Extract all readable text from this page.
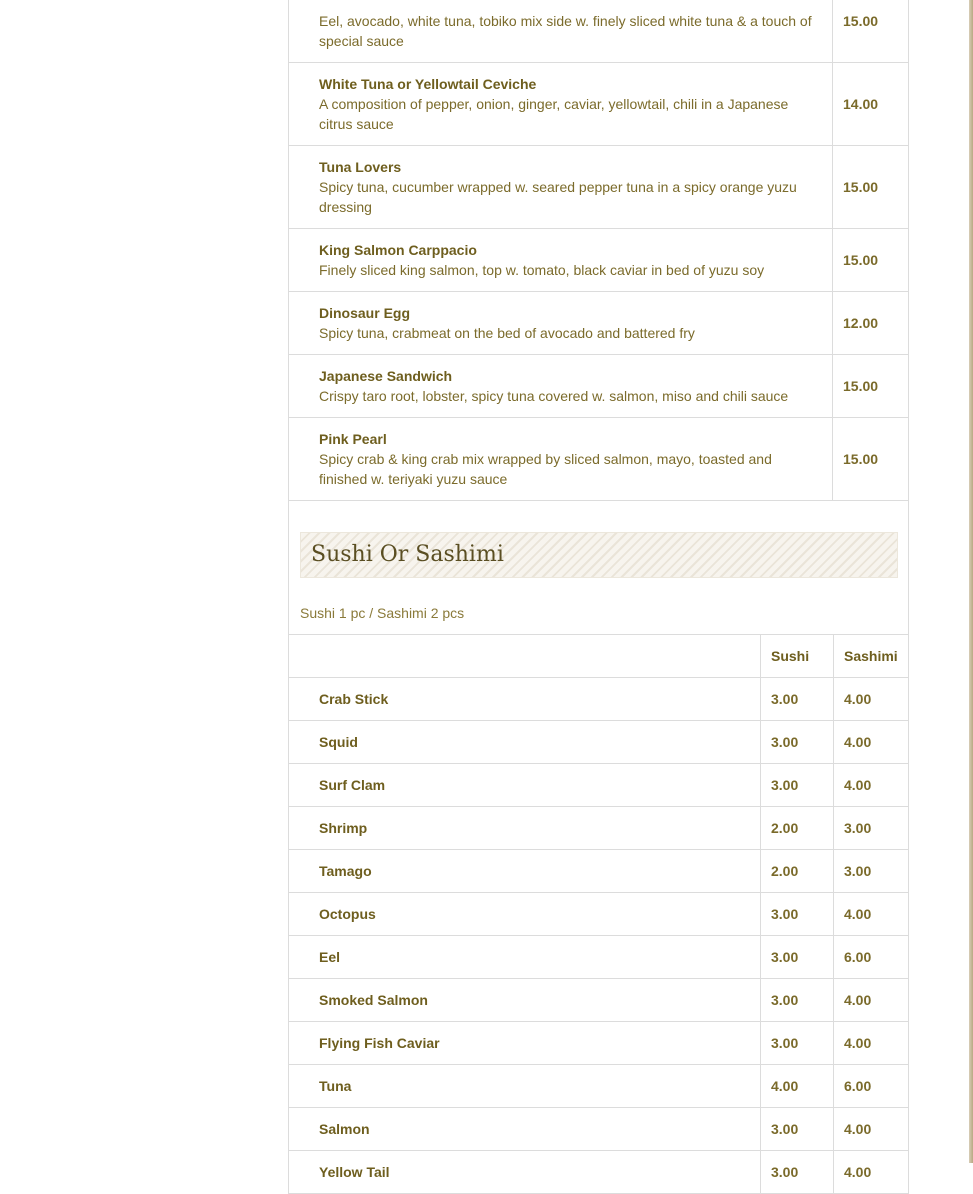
Eel, avocado, white tuna, tobiko mix side w. finely sliced white tuna & a touch of special sauce	15.00

White Tuna or Yellowtail Ceviche
A composition of pepper, onion, ginger, caviar, yellowtail, chili in a Japanese citrus sauce	14.00

Tuna Lovers
Spicy tuna, cucumber wrapped w. seared pepper tuna in a spicy orange yuzu dressing	15.00

King Salmon Carppacio
Finely sliced king salmon, top w. tomato, black caviar in bed of yuzu soy	15.00

Dinosaur Egg
Spicy tuna, crabmeat on the bed of avocado and battered fry	12.00

Japanese Sandwich
Crispy taro root, lobster, spicy tuna covered w. salmon, miso and chili sauce	15.00

Pink Pearl
Spicy crab & king crab mix wrapped by sliced salmon, mayo, toasted and finished w. teriyaki yuzu sauce	15.00
Sushi Or Sashimi
Sushi 1 pc / Sashimi 2 pcs
	Sushi	Sashimi
Crab Stick	3.00	4.00
Squid	3.00	4.00
Surf Clam	3.00	4.00
Shrimp	2.00	3.00
Tamago	2.00	3.00
Octopus	3.00	4.00
Eel	3.00	6.00
Smoked Salmon	3.00	4.00
Flying Fish Caviar	3.00	4.00
Tuna	4.00	6.00
Salmon	3.00	4.00
Yellow Tail	3.00	4.00
